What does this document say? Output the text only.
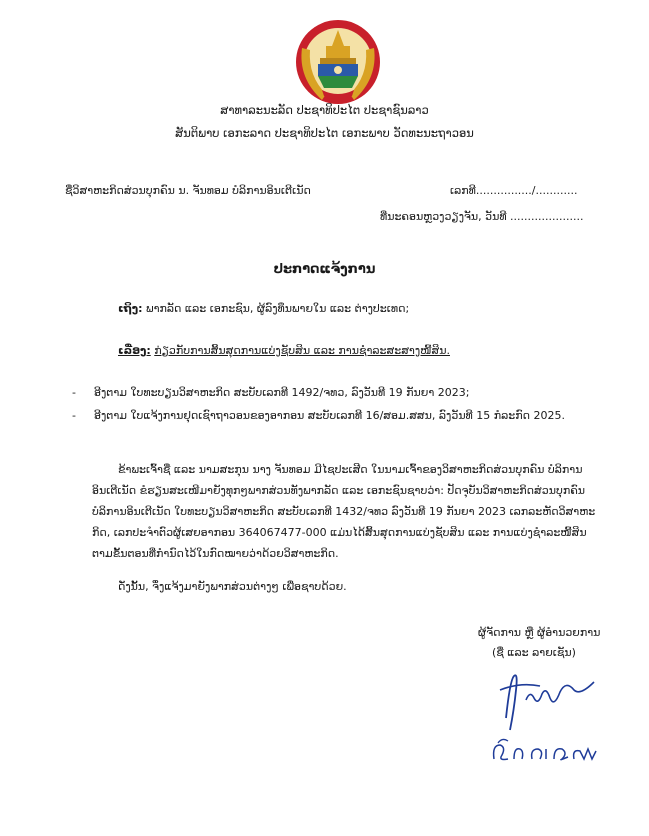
ສາທາລະນະລັດ ປະຊາທິປະໄຕ ປະຊາຊົນລາວ
ສັນຕິພາບ ເອກະລາດ ປະຊາທິປະໄຕ ເອກະພາບ ວັດທະນະຖາວອນ
ຊື່ວິສາຫະກິດສ່ວນບຸກຄົນ ນ. ຈັນທອມ ບໍລິການອິນເຕີເນັດ	ເລກທີ................/............
ທີ່ນະຄອນຫຼວງວຽງຈັນ, ວັນທີ .....................
ປະກາດແຈ້ງການ
ເຖິງ: ພາກລັດ ແລະ ເອກະຊົນ, ຜູ້ລົງທຶນພາຍໃນ ແລະ ຕ່າງປະເທດ;
ເລື່ອງ: ກ່ຽວກັບການສິ້ນສຸດການແບ່ງຊັບສິນ ແລະ ການຊຳລະສະສາງໜີ້ສິນ.
- ອີງຕາມ ໃບທະບຽນວິສາຫະກິດ ສະບັບເລກທີ 1492/ຈທວ, ລົງວັນທີ 19 ກັນຍາ 2023;
- ອີງຕາມ ໃບແຈ້ງການຢຸດເຊົາຖາວອນຂອງອາກອນ ສະບັບເລກທີ 16/ສອມ.ສສນ, ລົງວັນທີ 15 ກໍລະກົດ 2025.
ຂ້າພະເຈົ້າຊື່ ແລະ ນາມສະກຸນ ນາງ ຈັນທອມ ມີໄຊປະເສີດ ໃນນາມເຈົ້າຂອງວິສາຫະກິດສ່ວນບຸກຄົນ ບໍລິການ
ອິນເຕີເນັດ ຂໍຮຽນສະເໜີມາຍັງທຸກໆພາກສ່ວນທັງພາກລັດ ແລະ ເອກະຊົນຊາບວ່າ: ປັດຈຸບັນວິສາຫະກິດສ່ວນບຸກຄົນ
ບໍລິການອິນເຕີເນັດ ໃບທະບຽນວິສາຫະກິດ ສະບັບເລກທີ 1432/ຈທວ ລົງວັນທີ 19 ກັນຍາ 2023 ເລກລະຫັດວິສາຫະ
ກິດ, ເລກປະຈຳຕົວຜູ້ເສຍອາກອນ 364067477-000 ແມ່ນໄດ້ສິ້ນສຸດການແບ່ງຊັບສິນ ແລະ ການແບ່ງຊຳລະໜີ້ສິນ
ຕາມຂັ້ນຕອນທີ່ກຳນົດໄວ້ໃນກົດໝາຍວ່າດ້ວຍວິສາຫະກິດ.
ດັ່ງນັ້ນ, ຈຶ່ງແຈ້ງມາຍັງພາກສ່ວນຕ່າງໆ ເພື່ອຊາບດ້ວຍ.
ຜູ້ຈັດການ ຫຼື ຜູ້ອຳນວຍການ
(ຊື່ ແລະ ລາຍເຊັນ)
